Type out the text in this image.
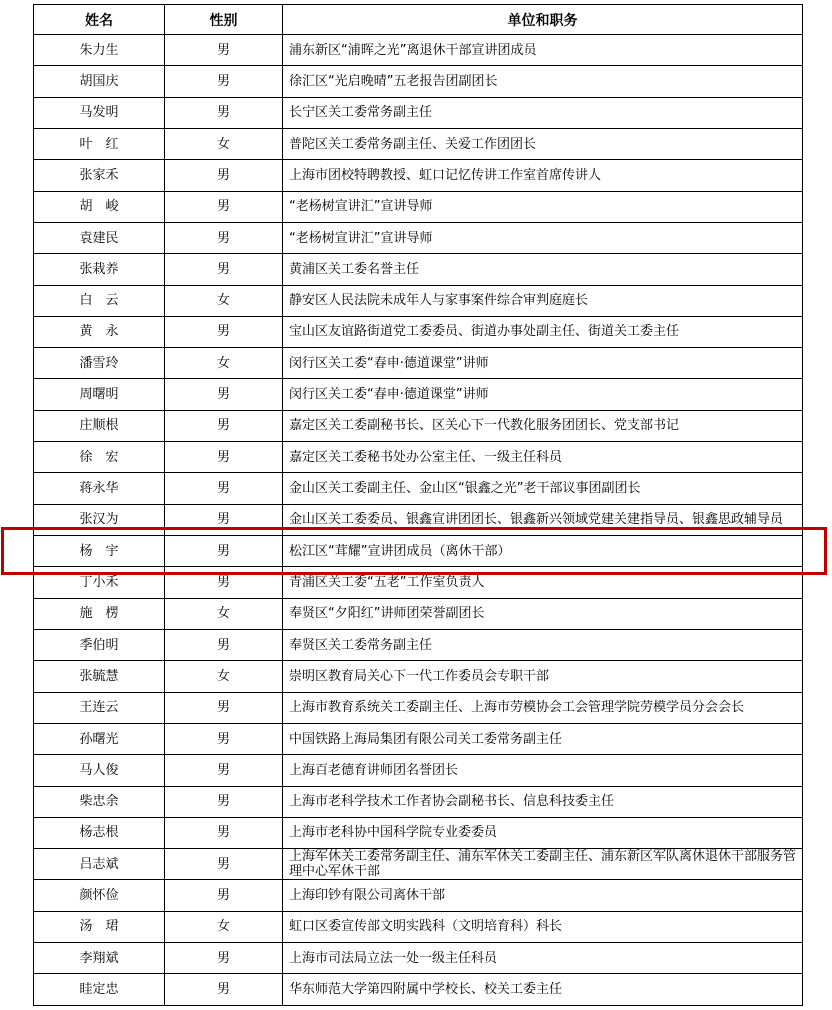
姓名	性别	单位和职务
朱力生	男	浦东新区“浦晖之光”离退休干部宣讲团成员

胡国庆	男	徐汇区“光启晚晴”五老报告团副团长

马发明	男	长宁区关工委常务副主任

叶　红	女	普陀区关工委常务副主任、关爱工作团团长

张家禾	男	上海市团校特聘教授、虹口记忆传讲工作室首席传讲人

胡　峻	男	“老杨树宣讲汇”宣讲导师

袁建民	男	“老杨树宣讲汇”宣讲导师

张栽养	男	黄浦区关工委名誉主任

白　云	女	静安区人民法院未成年人与家事案件综合审判庭庭长

黄　永	男	宝山区友谊路街道党工委委员、街道办事处副主任、街道关工委主任

潘雪玲	女	闵行区关工委“春申·德道课堂”讲师

周曙明	男	闵行区关工委“春申·德道课堂”讲师

庄顺根	男	嘉定区关工委副秘书长、区关心下一代教化服务团团长、党支部书记

徐　宏	男	嘉定区关工委秘书处办公室主任、一级主任科员

蒋永华	男	金山区关工委副主任、金山区“银鑫之光”老干部议事团副团长

张汉为	男	金山区关工委委员、银鑫宣讲团团长、银鑫新兴领域党建关建指导员、银鑫思政辅导员

杨　宇	男	松江区“茸耀”宣讲团成员（离休干部）

丁小禾	男	青浦区关工委“五老”工作室负责人

施　楞	女	奉贤区“夕阳红”讲师团荣誉副团长

季伯明	男	奉贤区关工委常务副主任

张毓慧	女	崇明区教育局关心下一代工作委员会专职干部

王连云	男	上海市教育系统关工委副主任、上海市劳模协会工会管理学院劳模学员分会会长

孙曙光	男	中国铁路上海局集团有限公司关工委常务副主任

马人俊	男	上海百老德育讲师团名誉团长

柴忠余	男	上海市老科学技术工作者协会副秘书长、信息科技委主任

杨志根	男	上海市老科协中国科学院专业委委员

吕志斌	男	上海军休关工委常务副主任、浦东军休关工委副主任、浦东新区军队离休退休干部服务管理中心军休干部

颜怀俭	男	上海印钞有限公司离休干部

汤　珺	女	虹口区委宣传部文明实践科（文明培育科）科长

李翔斌	男	上海市司法局立法一处一级主任科员

眭定忠	男	华东师范大学第四附属中学校长、校关工委主任
